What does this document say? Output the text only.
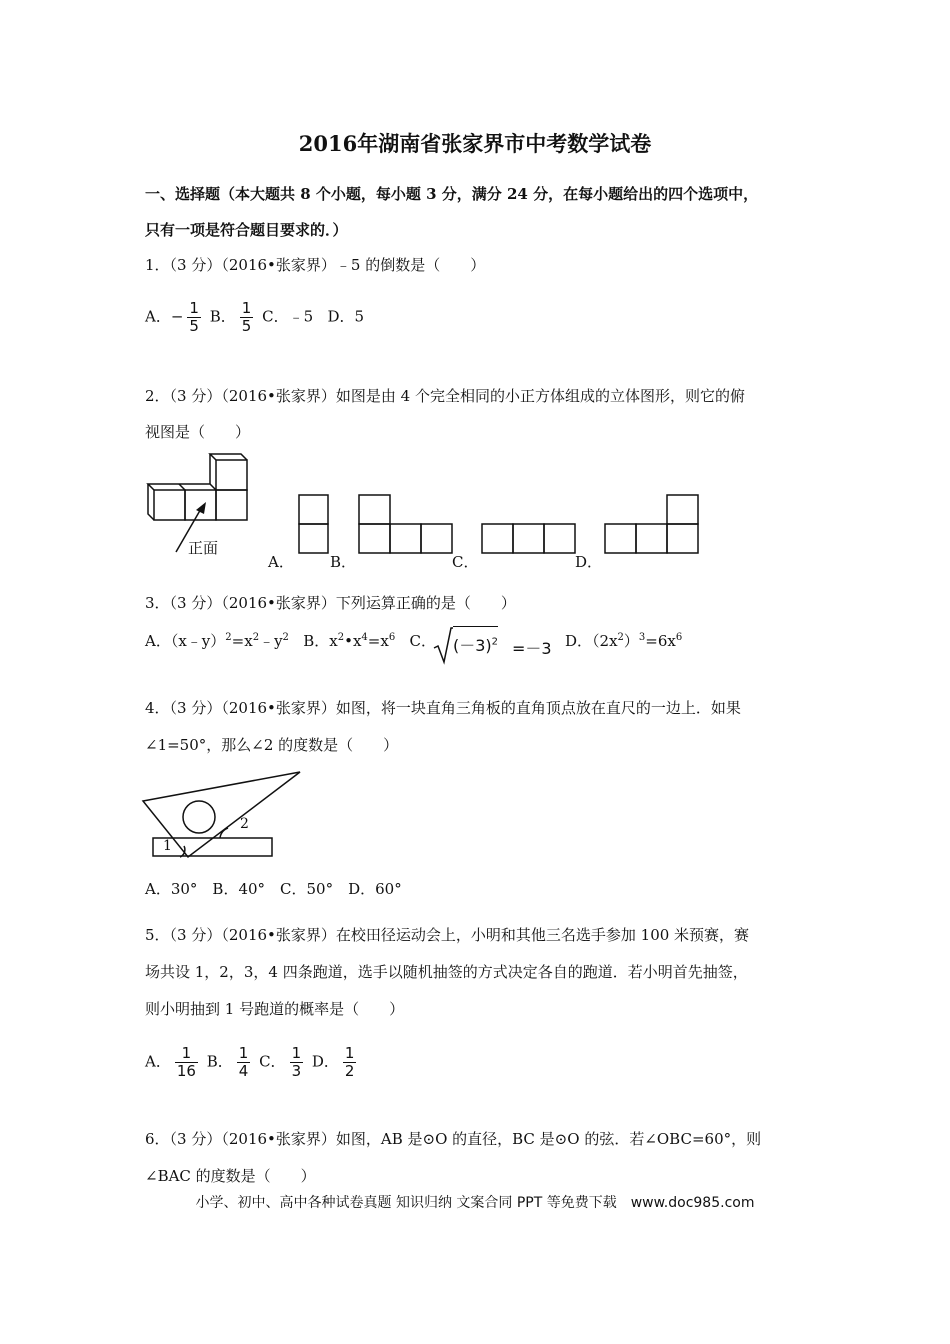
2016年湖南省张家界市中考数学试卷
一、选择题（本大题共 8 个小题，每小题 3 分，满分 24 分，在每小题给出的四个选项中，
只有一项是符合题目要求的．）
1．（3 分）（2016•张家界）﹣5 的倒数是（　　）
A．− $\frac{1}{5}$ B． $\frac{1}{5}$ C．﹣5 D．5
2．（3 分）（2016•张家界）如图是由 4 个完全相同的小正方体组成的立体图形，则它的俯
视图是（　　）
正面
A． B．	C．	D．
3．（3 分）（2016•张家界）下列运算正确的是（　　）
A．$(x﹣y)^2=x^2﹣y^2$ B．$x^2•x^4=x^6$ C． $(-3)^2 =-3$ D．$(2x^2)^3=6x^6$
4．（3 分）（2016•张家界）如图，将一块直角三角板的直角顶点放在直尺的一边上．如果
∠1=50°，那么∠2 的度数是（　　）
1
2
A．30°　B．40°　C．50°　D．60°
5．（3 分）（2016•张家界）在校田径运动会上，小明和其他三名选手参加 100 米预赛，赛
场共设 1，2，3，4 四条跑道，选手以随机抽签的方式决定各自的跑道．若小明首先抽签，
则小明抽到 1 号跑道的概率是（　　）
A． $\frac{1}{16}$ B． $\frac{1}{4}$ C． $\frac{1}{3}$ D． $\frac{1}{2}$
6．（3 分）（2016•张家界）如图，AB 是⊙O 的直径，BC 是⊙O 的弦．若∠OBC=60°，则
∠BAC 的度数是（　　）
小学、初中、高中各种试卷真题 知识归纳 文案合同 PPT 等免费下载　www.doc985.com
